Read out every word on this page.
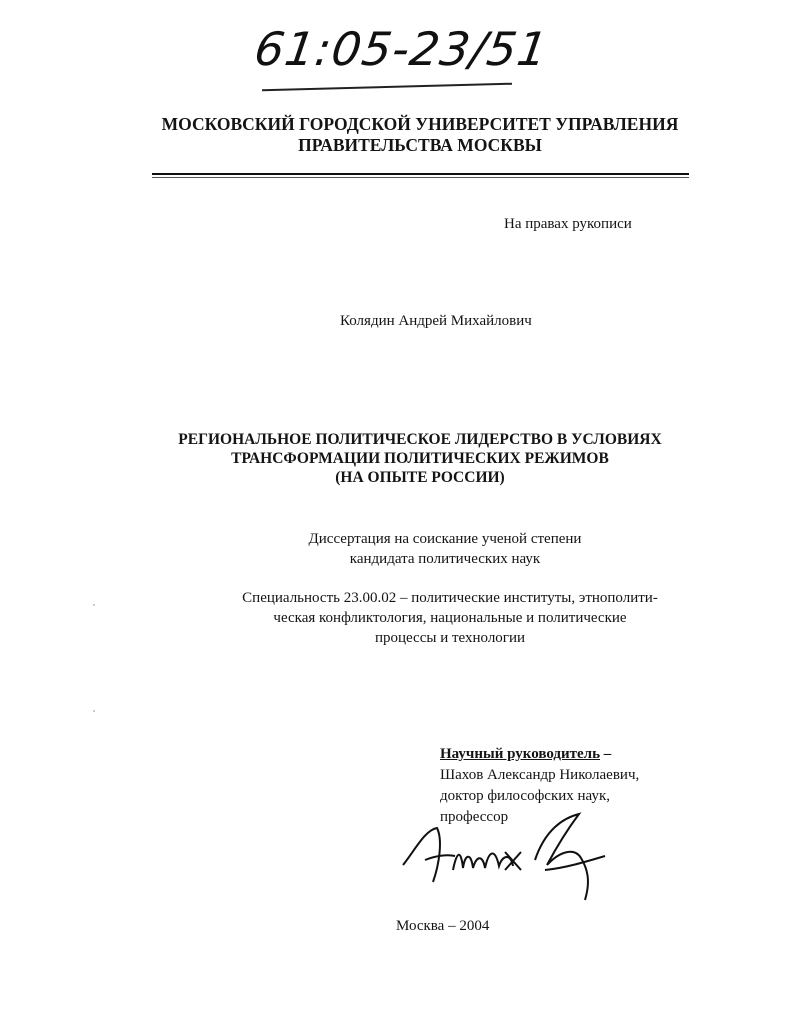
61:05-23/51
МОСКОВСКИЙ ГОРОДСКОЙ УНИВЕРСИТЕТ УПРАВЛЕНИЯ
ПРАВИТЕЛЬСТВА МОСКВЫ
На правах рукописи
Колядин Андрей Михайлович
РЕГИОНАЛЬНОЕ ПОЛИТИЧЕСКОЕ ЛИДЕРСТВО В УСЛОВИЯХ
ТРАНСФОРМАЦИИ ПОЛИТИЧЕСКИХ РЕЖИМОВ
(НА ОПЫТЕ РОССИИ)
Диссертация на соискание ученой степени
кандидата политических наук
Специальность 23.00.02 – политические институты, этнополити-
ческая конфликтология, национальные и политические
процессы и технологии
Научный руководитель –
Шахов Александр Николаевич,
доктор философских наук,
профессор
Москва – 2004
